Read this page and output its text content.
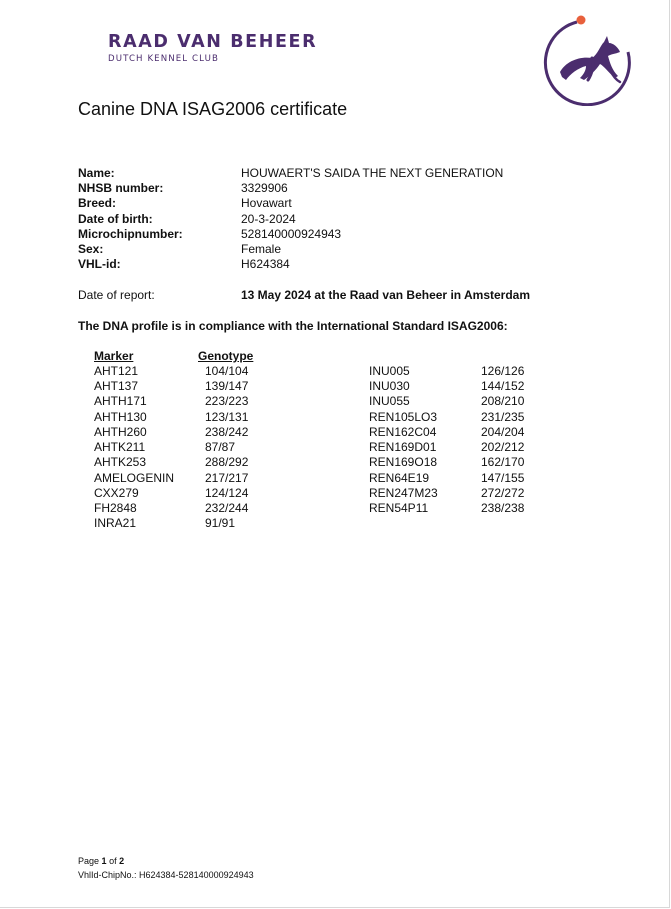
RAAD VAN BEHEER
DUTCH KENNEL CLUB
Canine DNA ISAG2006 certificate
Name:	HOUWAERT'S SAIDA THE NEXT GENERATION
NHSB number:	3329906
Breed:	Hovawart
Date of birth:	20-3-2024
Microchipnumber:	528140000924943
Sex:	Female
VHL-id:	H624384
Date of report:	13 May 2024 at the Raad van Beheer in Amsterdam
The DNA profile is in compliance with the International Standard ISAG2006:
Marker	Genotype
AHT121	104/104
AHT137	139/147
AHTH171	223/223
AHTH130	123/131
AHTH260	238/242
AHTK211	87/87
AHTK253	288/292
AMELOGENIN	217/217
CXX279	124/124
FH2848	232/244
INRA21	91/91
INU005	126/126
INU030	144/152
INU055	208/210
REN105LO3	231/235
REN162C04	204/204
REN169D01	202/212
REN169O18	162/170
REN64E19	147/155
REN247M23	272/272
REN54P11	238/238
Page 1 of 2
VhlId-ChipNo.: H624384-528140000924943
